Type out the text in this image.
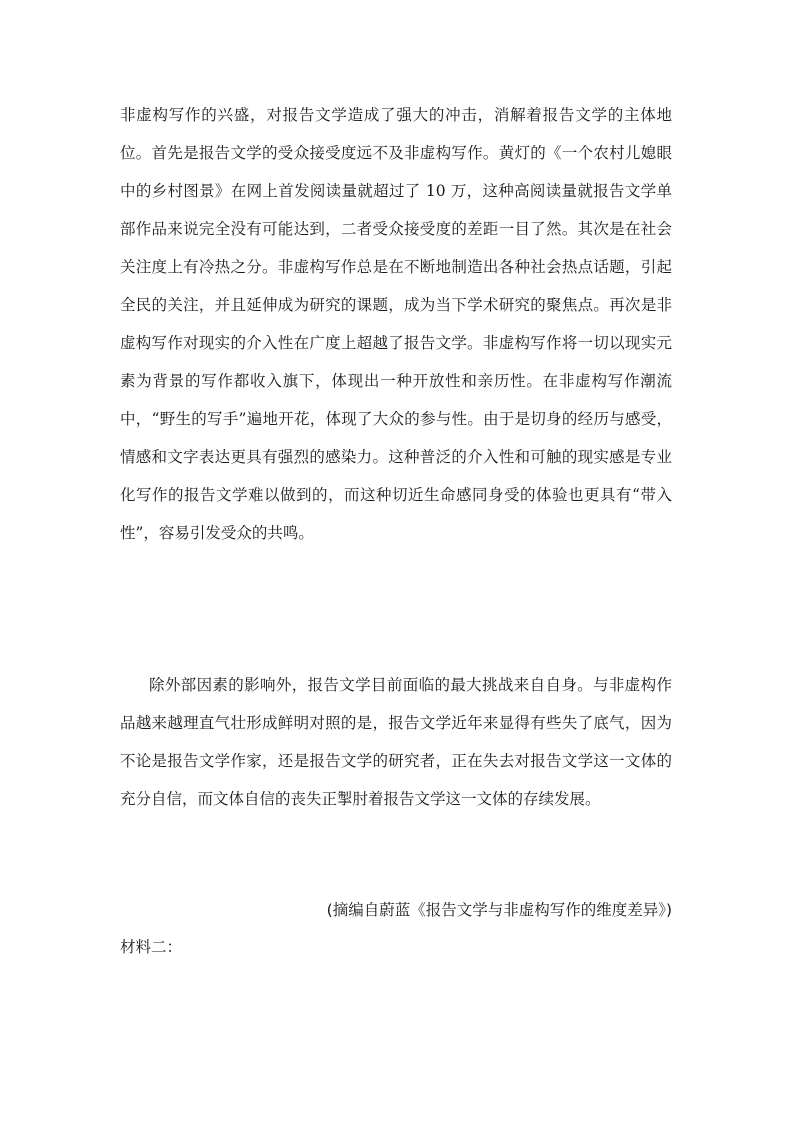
非虚构写作的兴盛，对报告文学造成了强大的冲击，消解着报告文学的主体地位。首先是报告文学的受众接受度远不及非虚构写作。黄灯的《一个农村儿媳眼中的乡村图景》在网上首发阅读量就超过了 10 万，这种高阅读量就报告文学单部作品来说完全没有可能达到，二者受众接受度的差距一目了然。其次是在社会关注度上有冷热之分。非虚构写作总是在不断地制造出各种社会热点话题，引起全民的关注，并且延伸成为研究的课题，成为当下学术研究的聚焦点。再次是非虚构写作对现实的介入性在广度上超越了报告文学。非虚构写作将一切以现实元素为背景的写作都收入旗下，体现出一种开放性和亲历性。在非虚构写作潮流中，“野生的写手”遍地开花，体现了大众的参与性。由于是切身的经历与感受，情感和文字表达更具有强烈的感染力。这种普泛的介入性和可触的现实感是专业化写作的报告文学难以做到的，而这种切近生命感同身受的体验也更具有“带入性”，容易引发受众的共鸣。

除外部因素的影响外，报告文学目前面临的最大挑战来自自身。与非虚构作品越来越理直气壮形成鲜明对照的是，报告文学近年来显得有些失了底气，因为不论是报告文学作家，还是报告文学的研究者，正在失去对报告文学这一文体的充分自信，而文体自信的丧失正掣肘着报告文学这一文体的存续发展。

(摘编自蔚蓝《报告文学与非虚构写作的维度差异》)

材料二：
